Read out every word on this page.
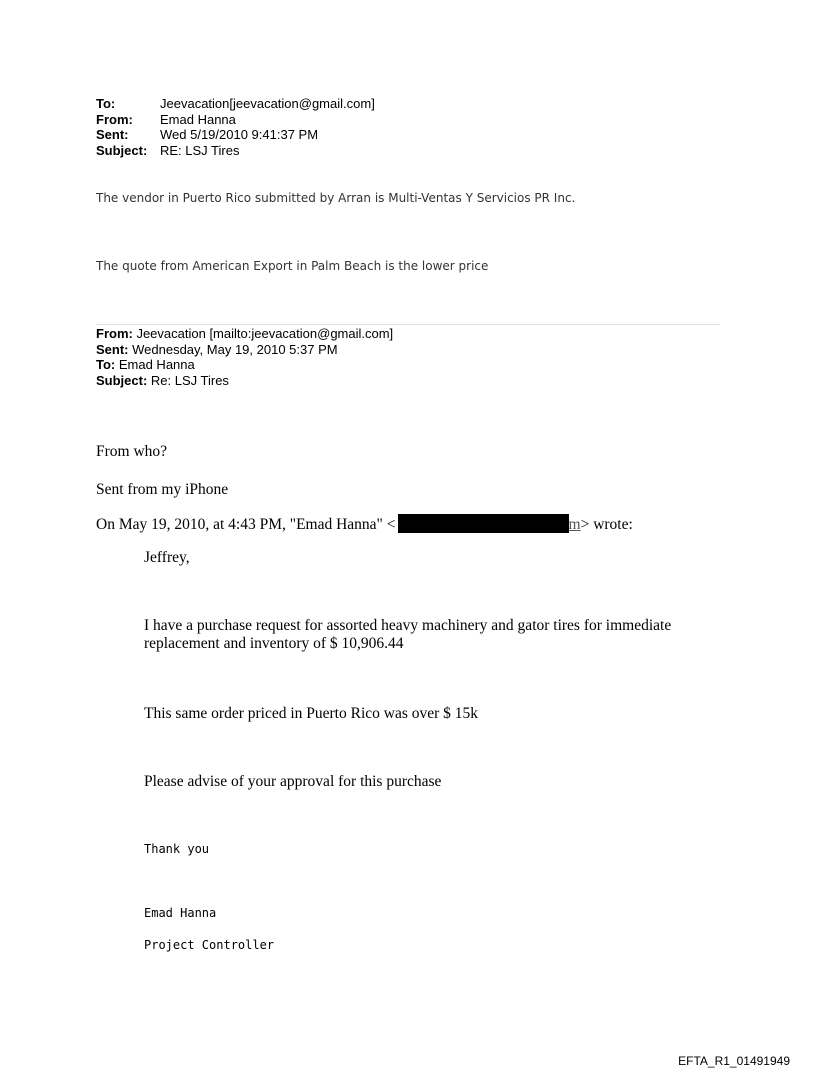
To:	Jeevacation[jeevacation@gmail.com]
From:	Emad Hanna
Sent:	Wed 5/19/2010 9:41:37 PM
Subject: RE: LSJ Tires
The vendor in Puerto Rico submitted by Arran is Multi-Ventas Y Servicios PR Inc.
The quote from American Export in Palm Beach is the lower price
From: Jeevacation [mailto:jeevacation@gmail.com]
Sent: Wednesday, May 19, 2010 5:37 PM
To: Emad Hanna
Subject: Re: LSJ Tires
From who?
Sent from my iPhone
On May 19, 2010, at 4:43 PM, "Emad Hanna" <	m> wrote:
Jeffrey,
I have a purchase request for assorted heavy machinery and gator tires for immediate replacement and inventory of $ 10,906.44
This same order priced in Puerto Rico was over $ 15k
Please advise of your approval for this purchase
Thank you
Emad Hanna
Project Controller
EFTA_R1_01491949
